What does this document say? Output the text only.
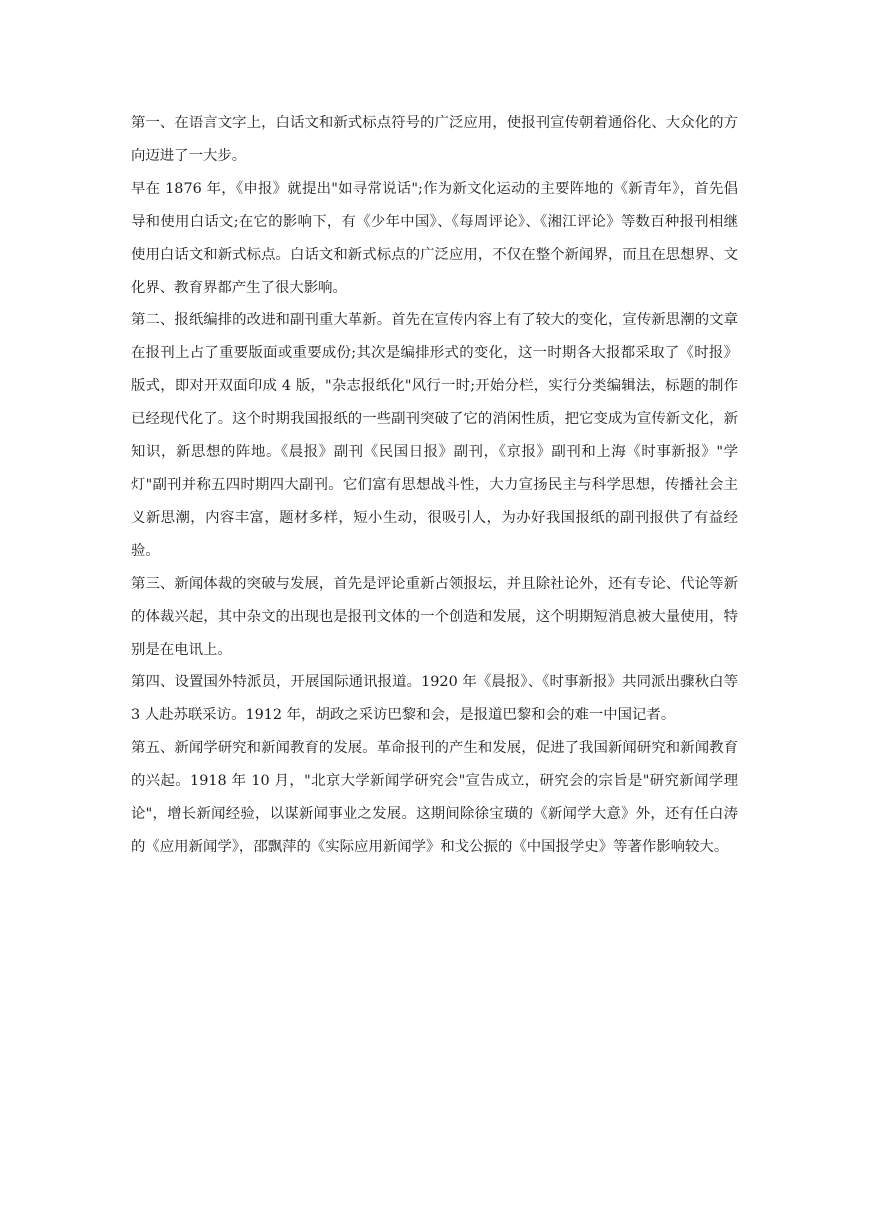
第一、在语言文字上，白话文和新式标点符号的广泛应用，使报刊宣传朝着通俗化、大众化的方向迈进了一大步。

早在 1876 年，《申报》就提出"如寻常说话";作为新文化运动的主要阵地的《新青年》，首先倡导和使用白话文;在它的影响下，有《少年中国》、《每周评论》、《湘江评论》等数百种报刊相继使用白话文和新式标点。白话文和新式标点的广泛应用，不仅在整个新闻界，而且在思想界、文化界、教育界都产生了很大影响。

第二、报纸编排的改进和副刊重大革新。首先在宣传内容上有了较大的变化，宣传新思潮的文章在报刊上占了重要版面或重要成份;其次是编排形式的变化，这一时期各大报都采取了《时报》版式，即对开双面印成 4 版，"杂志报纸化"风行一时;开始分栏，实行分类编辑法，标题的制作已经现代化了。这个时期我国报纸的一些副刊突破了它的消闲性质，把它变成为宣传新文化，新知识，新思想的阵地。《晨报》副刊《民国日报》副刊，《京报》副刊和上海《时事新报》"学灯"副刊并称五四时期四大副刊。它们富有思想战斗性，大力宣扬民主与科学思想，传播社会主义新思潮，内容丰富，题材多样，短小生动，很吸引人，为办好我国报纸的副刊报供了有益经验。

第三、新闻体裁的突破与发展，首先是评论重新占领报坛，并且除社论外，还有专论、代论等新的体裁兴起，其中杂文的出现也是报刊文体的一个创造和发展，这个明期短消息被大量使用，特别是在电讯上。

第四、设置国外特派员，开展国际通讯报道。1920 年《晨报》、《时事新报》共同派出骤秋白等 3 人赴苏联采访。1912 年，胡政之采访巴黎和会，是报道巴黎和会的难一中国记者。

第五、新闻学研究和新闻教育的发展。革命报刊的产生和发展，促进了我国新闻研究和新闻教育的兴起。1918 年 10 月，"北京大学新闻学研究会"宣告成立，研究会的宗旨是"研究新闻学理论"，增长新闻经验，以谋新闻事业之发展。这期间除徐宝璜的《新闻学大意》外，还有任白涛的《应用新闻学》，邵飘萍的《实际应用新闻学》和戈公振的《中国报学史》等著作影响较大。
